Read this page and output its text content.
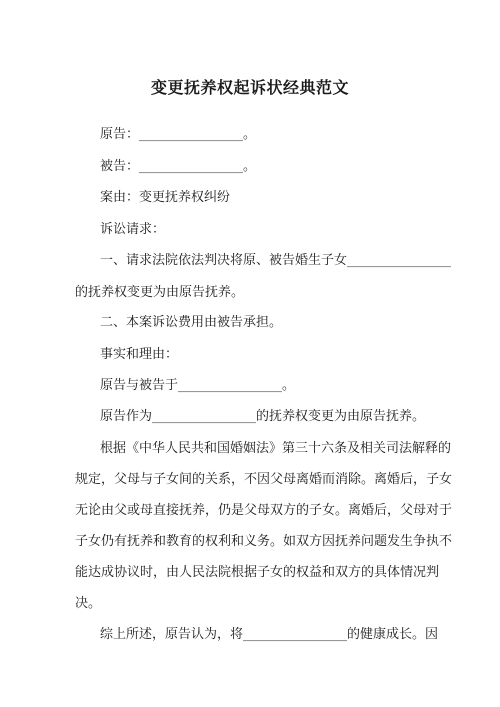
变更抚养权起诉状经典范文
原告：________________。
被告：________________。
案由：变更抚养权纠纷
诉讼请求：
一、请求法院依法判决将原、被告婚生子女________________
的抚养权变更为由原告抚养。
二、本案诉讼费用由被告承担。
事实和理由：
原告与被告于________________。
原告作为________________的抚养权变更为由原告抚养。
根据《中华人民共和国婚姻法》第三十六条及相关司法解释的
规定，父母与子女间的关系，不因父母离婚而消除。离婚后，子女
无论由父或母直接抚养，仍是父母双方的子女。离婚后，父母对于
子女仍有抚养和教育的权利和义务。如双方因抚养问题发生争执不
能达成协议时，由人民法院根据子女的权益和双方的具体情况判
决。
综上所述，原告认为，将________________的健康成长。因
